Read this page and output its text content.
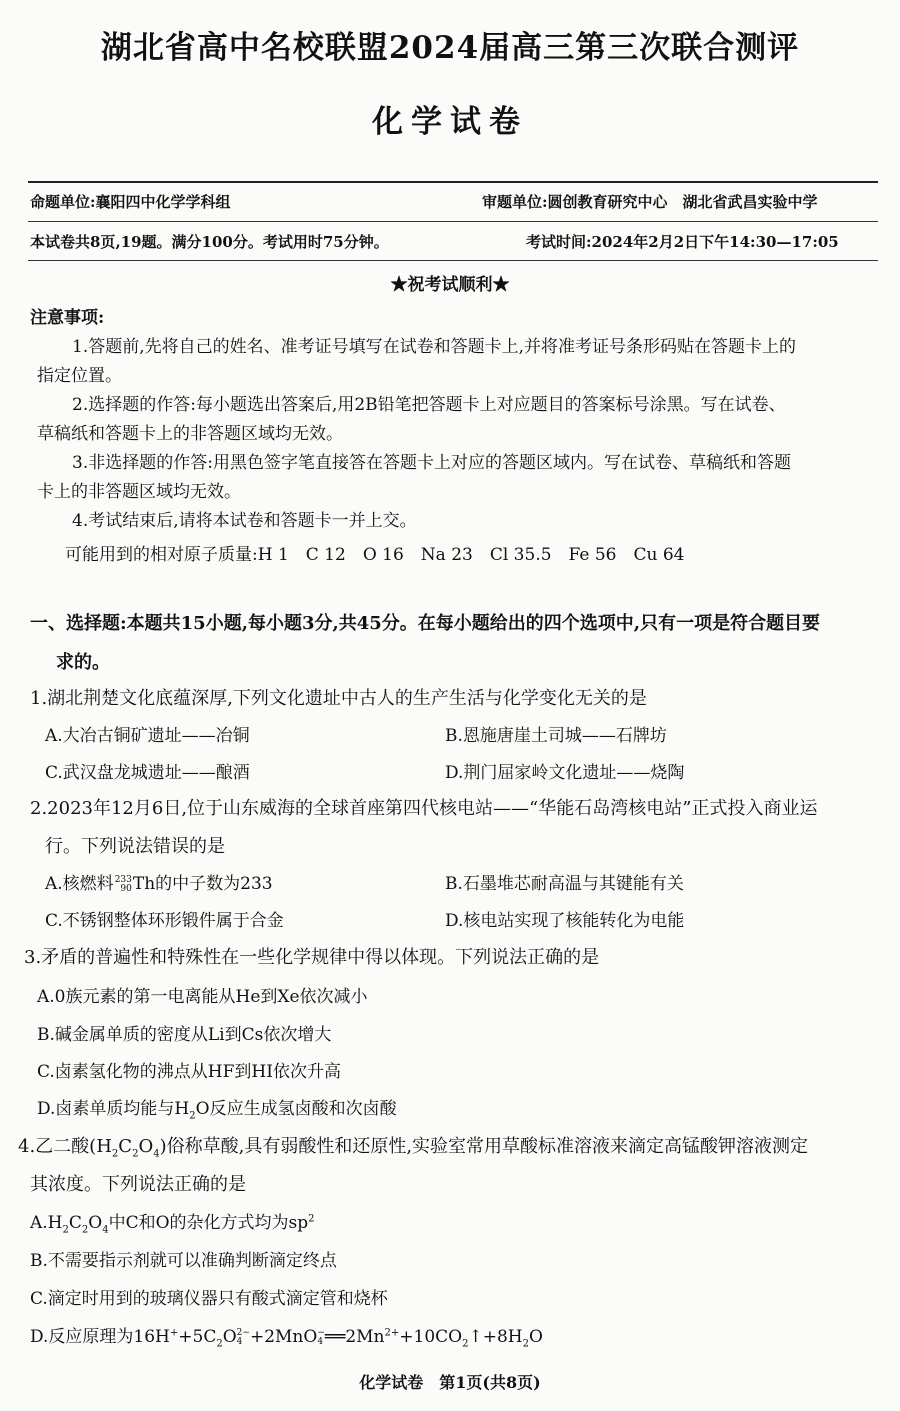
湖北省高中名校联盟2024届高三第三次联合测评
化学试卷
命题单位:襄阳四中化学学科组	审题单位:圆创教育研究中心　湖北省武昌实验中学
本试卷共8页,19题。满分100分。考试用时75分钟。	考试时间:2024年2月2日下午14:30—17:05
★祝考试顺利★
注意事项:
1.答题前,先将自己的姓名、准考证号填写在试卷和答题卡上,并将准考证号条形码贴在答题卡上的
指定位置。
2.选择题的作答:每小题选出答案后,用2B铅笔把答题卡上对应题目的答案标号涂黑。写在试卷、
草稿纸和答题卡上的非答题区域均无效。
3.非选择题的作答:用黑色签字笔直接答在答题卡上对应的答题区域内。写在试卷、草稿纸和答题
卡上的非答题区域均无效。
4.考试结束后,请将本试卷和答题卡一并上交。
可能用到的相对原子质量:H 1　C 12　O 16　Na 23　Cl 35.5　Fe 56　Cu 64
一、选择题:本题共15小题,每小题3分,共45分。在每小题给出的四个选项中,只有一项是符合题目要
求的。
1.湖北荆楚文化底蕴深厚,下列文化遗址中古人的生产生活与化学变化无关的是
A.大冶古铜矿遗址——冶铜	B.恩施唐崖土司城——石牌坊
C.武汉盘龙城遗址——酿酒	D.荆门屈家岭文化遗址——烧陶
2.2023年12月6日,位于山东威海的全球首座第四代核电站——“华能石岛湾核电站”正式投入商业运
行。下列说法错误的是
A.核燃料 233
90 Th的中子数为233	B.石墨堆芯耐高温与其键能有关
C.不锈钢整体环形锻件属于合金	D.核电站实现了核能转化为电能
3.矛盾的普遍性和特殊性在一些化学规律中得以体现。下列说法正确的是
A.0族元素的第一电离能从He到Xe依次减小
B.碱金属单质的密度从Li到Cs依次增大
C.卤素氢化物的沸点从HF到HI依次升高
D.卤素单质均能与$H_2O$反应生成氢卤酸和次卤酸
4.乙二酸$(H_2C_2O_4)$俗称草酸,具有弱酸性和还原性,实验室常用草酸标准溶液来滴定高锰酸钾溶液测定
其浓度。下列说法正确的是
$A.H_2C_2O_4$中C和O的杂化方式均为$sp^2$
B.不需要指示剂就可以准确判断滴定终点
C.滴定时用到的玻璃仪器只有酸式滴定管和烧杯
D.反应原理为$16H^++5C_2O$ 2−
4 +2MnO −
4 $══2Mn^{2+}+10CO_2↑+8H_2O$
化学试卷　第1页(共8页)
